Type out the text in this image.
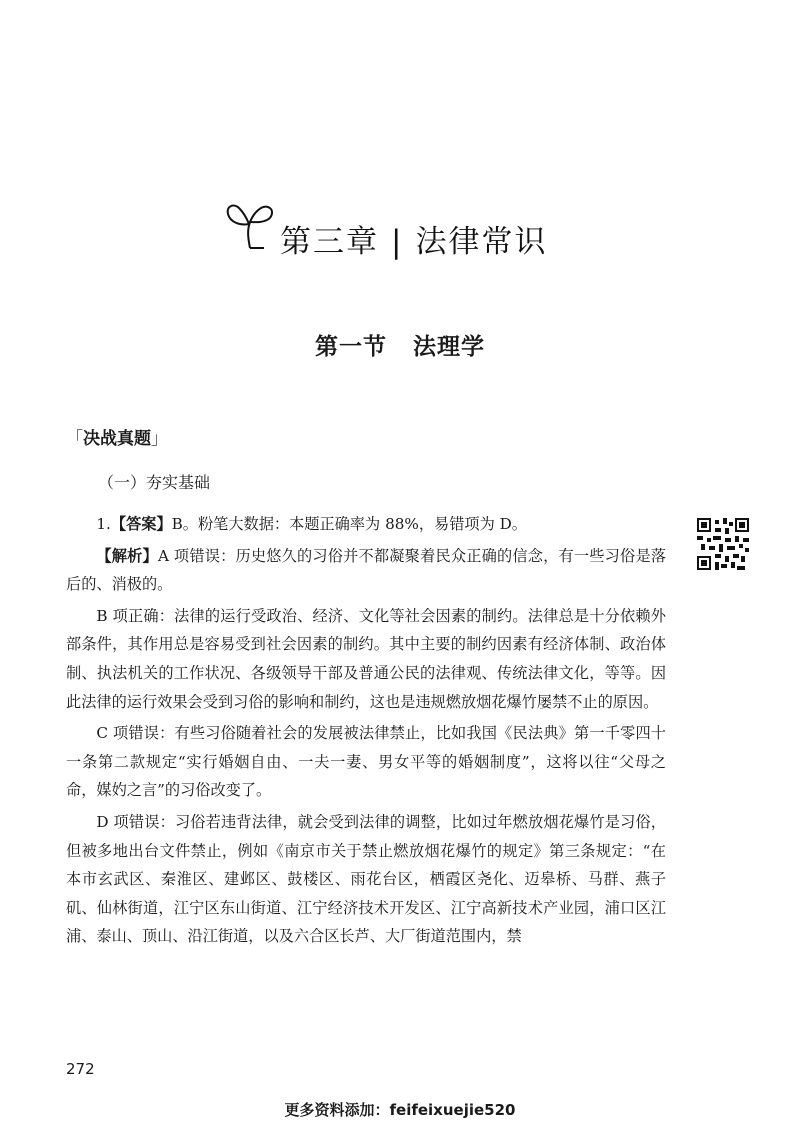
第三章 | 法律常识
第一节 法理学
「决战真题」
（一）夯实基础

1.【答案】B。粉笔大数据：本题正确率为 88%，易错项为 D。

【解析】A 项错误：历史悠久的习俗并不都凝聚着民众正确的信念，有一些习俗是落后的、消极的。

B 项正确：法律的运行受政治、经济、文化等社会因素的制约。法律总是十分依赖外部条件，其作用总是容易受到社会因素的制约。其中主要的制约因素有经济体制、政治体制、执法机关的工作状况、各级领导干部及普通公民的法律观、传统法律文化，等等。因此法律的运行效果会受到习俗的影响和制约，这也是违规燃放烟花爆竹屡禁不止的原因。

C 项错误：有些习俗随着社会的发展被法律禁止，比如我国《民法典》第一千零四十一条第二款规定“实行婚姻自由、一夫一妻、男女平等的婚姻制度”，这将以往“父母之命，媒妁之言”的习俗改变了。

D 项错误：习俗若违背法律，就会受到法律的调整，比如过年燃放烟花爆竹是习俗，但被多地出台文件禁止，例如《南京市关于禁止燃放烟花爆竹的规定》第三条规定：“在本市玄武区、秦淮区、建邺区、鼓楼区、雨花台区，栖霞区尧化、迈皋桥、马群、燕子矶、仙林街道，江宁区东山街道、江宁经济技术开发区、江宁高新技术产业园，浦口区江浦、泰山、顶山、沿江街道，以及六合区长芦、大厂街道范围内，禁

272
更多资料添加：feifeixuejie520
